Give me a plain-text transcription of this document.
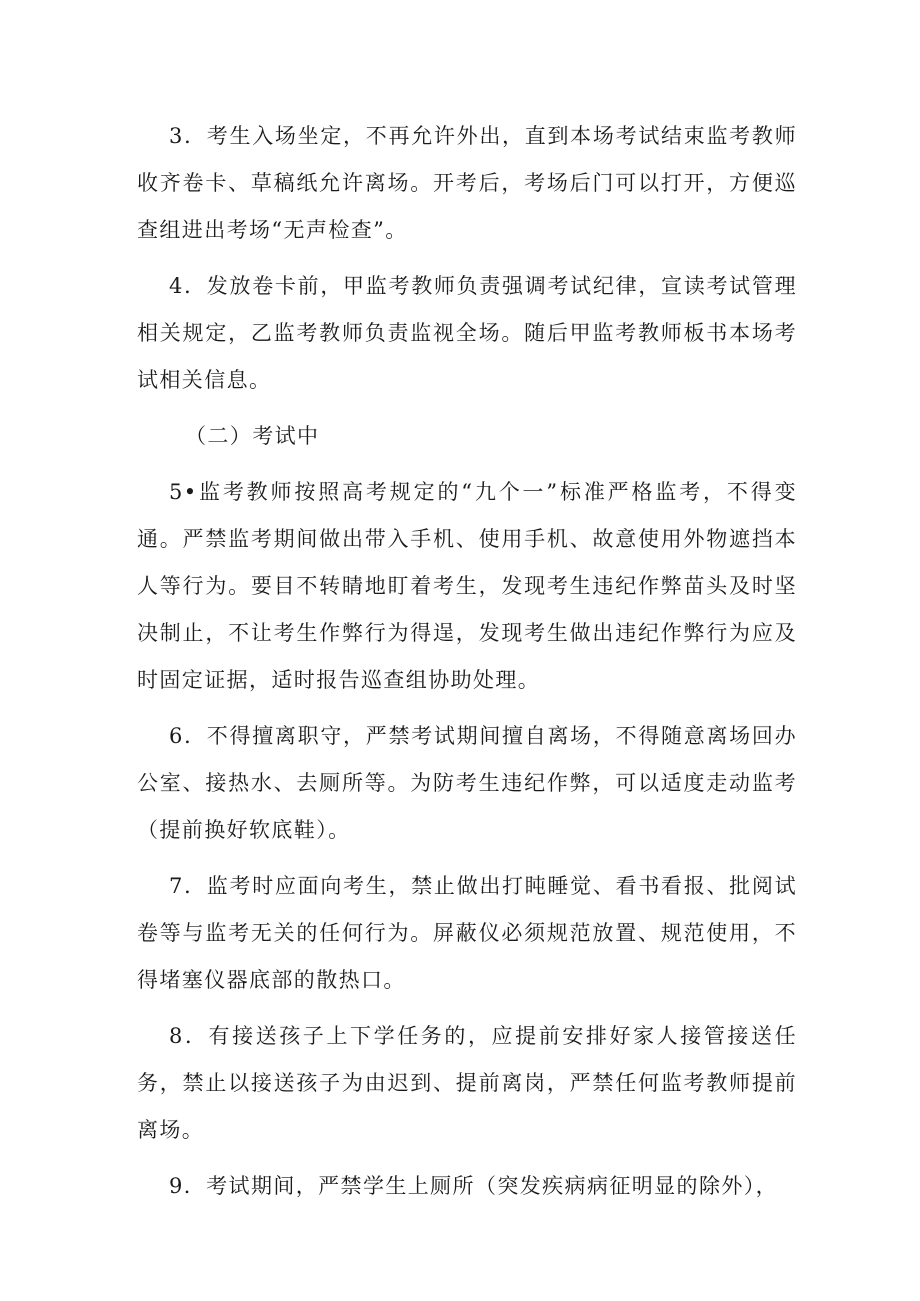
3．考生入场坐定，不再允许外出，直到本场考试结束监考教师收齐卷卡、草稿纸允许离场。开考后，考场后门可以打开，方便巡查组进出考场“无声检查”。

4．发放卷卡前，甲监考教师负责强调考试纪律，宣读考试管理相关规定，乙监考教师负责监视全场。随后甲监考教师板书本场考试相关信息。

（二）考试中

5•监考教师按照高考规定的“九个一”标准严格监考，不得变通。严禁监考期间做出带入手机、使用手机、故意使用外物遮挡本人等行为。要目不转睛地盯着考生，发现考生违纪作弊苗头及时坚决制止，不让考生作弊行为得逞，发现考生做出违纪作弊行为应及时固定证据，适时报告巡查组协助处理。

6．不得擅离职守，严禁考试期间擅自离场，不得随意离场回办公室、接热水、去厕所等。为防考生违纪作弊，可以适度走动监考（提前换好软底鞋）。

7．监考时应面向考生，禁止做出打盹睡觉、看书看报、批阅试卷等与监考无关的任何行为。屏蔽仪必须规范放置、规范使用，不得堵塞仪器底部的散热口。

8．有接送孩子上下学任务的，应提前安排好家人接管接送任务，禁止以接送孩子为由迟到、提前离岗，严禁任何监考教师提前离场。

9．考试期间，严禁学生上厕所（突发疾病病征明显的除外），
